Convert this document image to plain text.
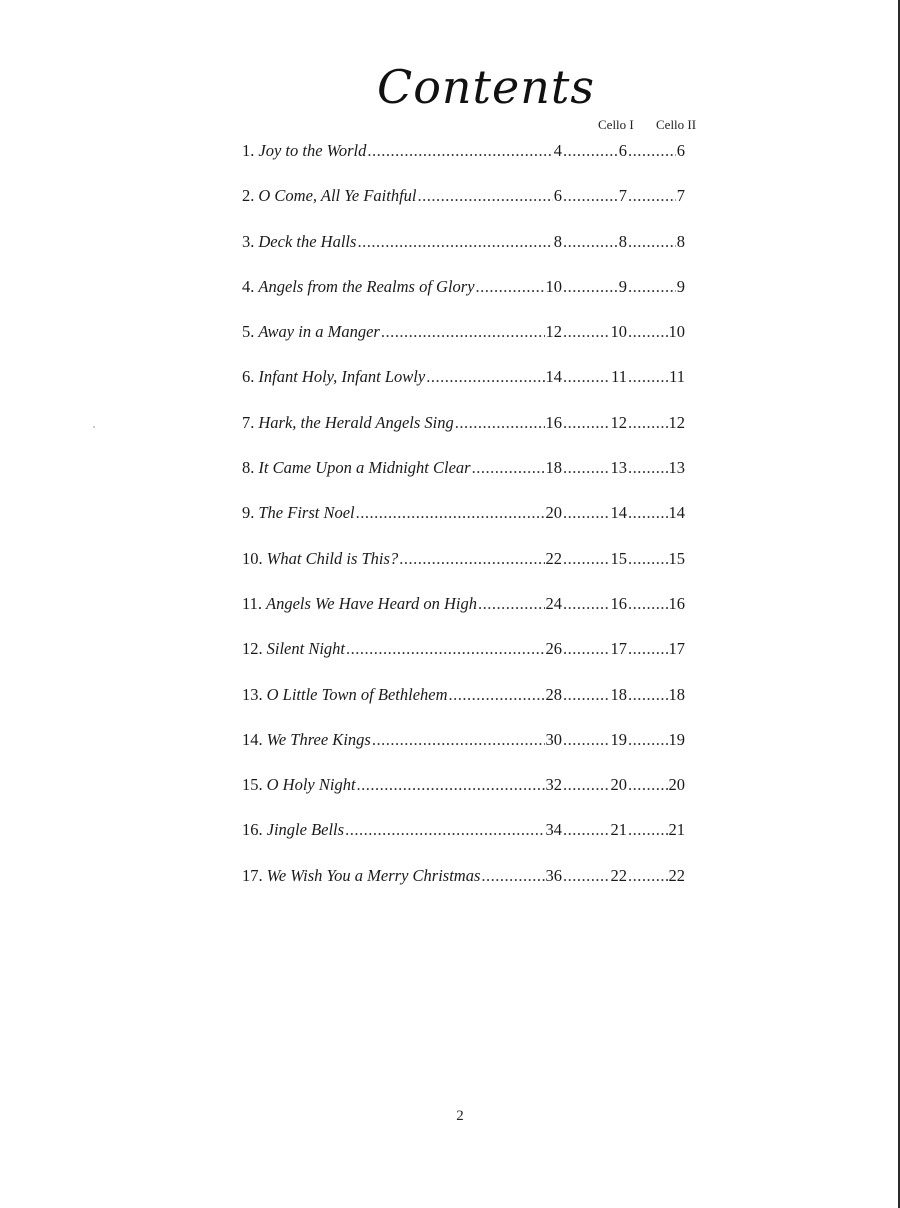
Contents
Cello I Cello II
1. Joy to the World .....	4 .....	6 .....	6
2. O Come, All Ye Faithful .....	6 .....	7 .....	7
3. Deck the Halls .....	8 .....	8 .....	8
4. Angels from the Realms of Glory .....	10 .....	9 .....	9
5. Away in a Manger .....	12 .....	10 .....	10
6. Infant Holy, Infant Lowly .....	14 .....	11 .....	11
7. Hark, the Herald Angels Sing .....	16 .....	12 .....	12
8. It Came Upon a Midnight Clear .....	18 .....	13 .....	13
9. The First Noel .....	20 .....	14 .....	14
10. What Child is This? .....	22 .....	15 .....	15
11. Angels We Have Heard on High .....	24 .....	16 .....	16
12. Silent Night .....	26 .....	17 .....	17
13. O Little Town of Bethlehem .....	28 .....	18 .....	18
14. We Three Kings .....	30 .....	19 .....	19
15. O Holy Night .....	32 .....	20 .....	20
16. Jingle Bells .....	34 .....	21 .....	21
17. We Wish You a Merry Christmas .....	36 .....	22 .....	22
2
